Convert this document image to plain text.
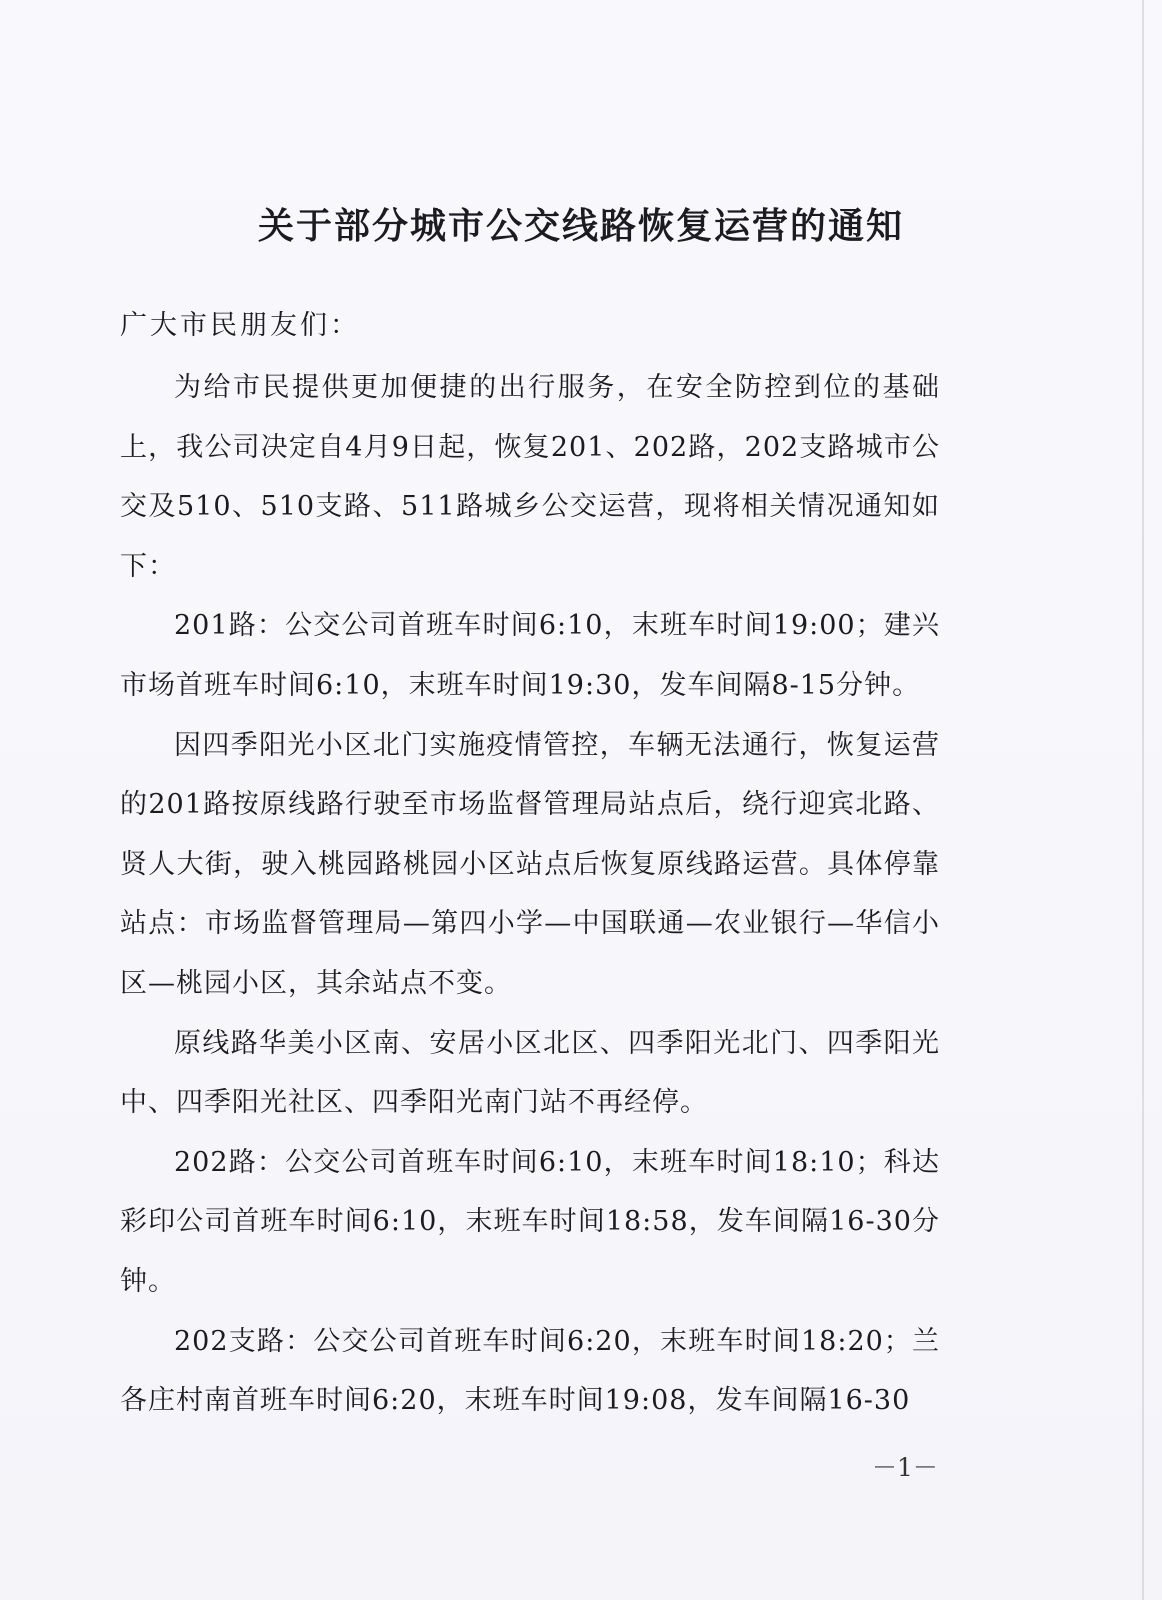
关于部分城市公交线路恢复运营的通知
广大市民朋友们：

为给市民提供更加便捷的出行服务，在安全防控到位的基础上，我公司决定自4月9日起，恢复201、202路，202支路城市公交及510、510支路、511路城乡公交运营，现将相关情况通知如下：

201路：公交公司首班车时间6:10，末班车时间19:00；建兴市场首班车时间6:10，末班车时间19:30，发车间隔8-15分钟。

因四季阳光小区北门实施疫情管控，车辆无法通行，恢复运营的201路按原线路行驶至市场监督管理局站点后，绕行迎宾北路、贤人大街，驶入桃园路桃园小区站点后恢复原线路运营。具体停靠站点：市场监督管理局—第四小学—中国联通—农业银行—华信小区—桃园小区，其余站点不变。

原线路华美小区南、安居小区北区、四季阳光北门、四季阳光中、四季阳光社区、四季阳光南门站不再经停。

202路：公交公司首班车时间6:10，末班车时间18:10；科达彩印公司首班车时间6:10，末班车时间18:58，发车间隔16-30分钟。

202支路：公交公司首班车时间6:20，末班车时间18:20；兰各庄村南首班车时间6:20，末班车时间19:08，发车间隔16-30

－1－
